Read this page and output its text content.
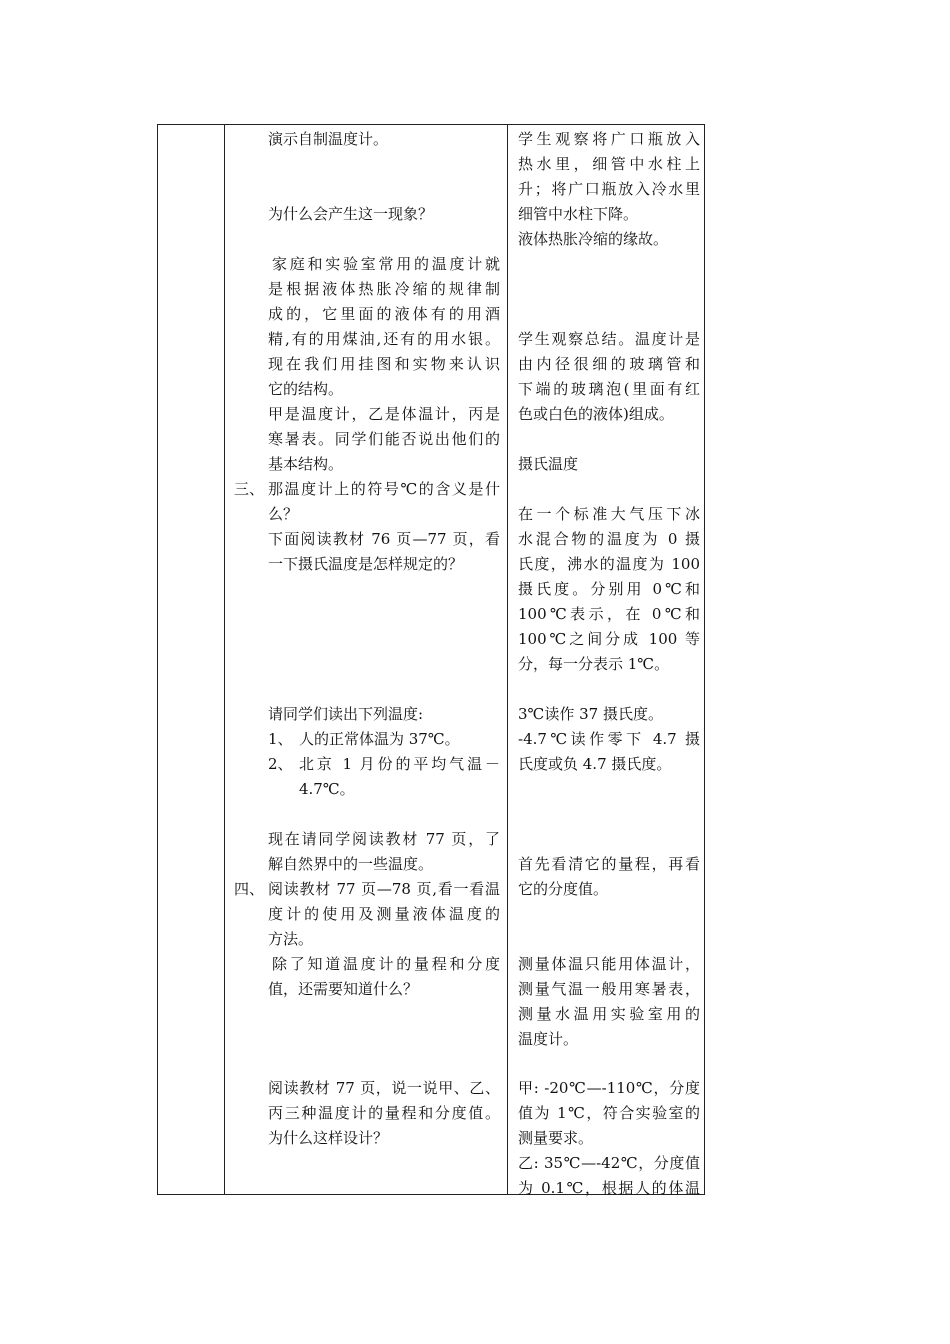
演示自制温度计。
为什么会产生这一现象？
家庭和实验室常用的温度计就
是根据液体热胀冷缩的规律制
成的，它里面的液体有的用酒
精,有的用煤油,还有的用水银。
现在我们用挂图和实物来认识
它的结构。
甲是温度计，乙是体温计，丙是
寒暑表。同学们能否说出他们的
基本结构。
三、 那温度计上的符号℃的含义是什
么？
下面阅读教材 76 页—77 页，看
一下摄氏温度是怎样规定的？
请同学们读出下列温度:
1、 人的正常体温为 37℃。
2、 北京 1 月份的平均气温－
4.7℃。
现在请同学阅读教材 77 页，了
解自然界中的一些温度。
四、 阅读教材 77 页—78 页,看一看温
度计的使用及测量液体温度的
方法。
除了知道温度计的量程和分度
值，还需要知道什么？
阅读教材 77 页，说一说甲、乙、
丙三种温度计的量程和分度值。
为什么这样设计？
学生观察将广口瓶放入
热水里，细管中水柱上
升；将广口瓶放入冷水里
细管中水柱下降。
液体热胀冷缩的缘故。
学生观察总结。温度计是
由内径很细的玻璃管和
下端的玻璃泡(里面有红
色或白色的液体)组成。
摄氏温度
在一个标准大气压下冰
水混合物的温度为 0 摄
氏度，沸水的温度为 100
摄氏度。分别用 0℃和
100℃表示，在 0℃和
100℃之间分成 100 等
分，每一分表示 1℃。
3℃读作 37 摄氏度。
-4.7℃读作零下 4.7 摄
氏度或负 4.7 摄氏度。
首先看清它的量程，再看
它的分度值。
测量体温只能用体温计，
测量气温一般用寒暑表，
测量水温用实验室用的
温度计。
甲: -20℃—-110℃，分度
值为 1℃，符合实验室的
测量要求。
乙: 35℃—-42℃，分度值
为 0.1℃，根据人的体温
